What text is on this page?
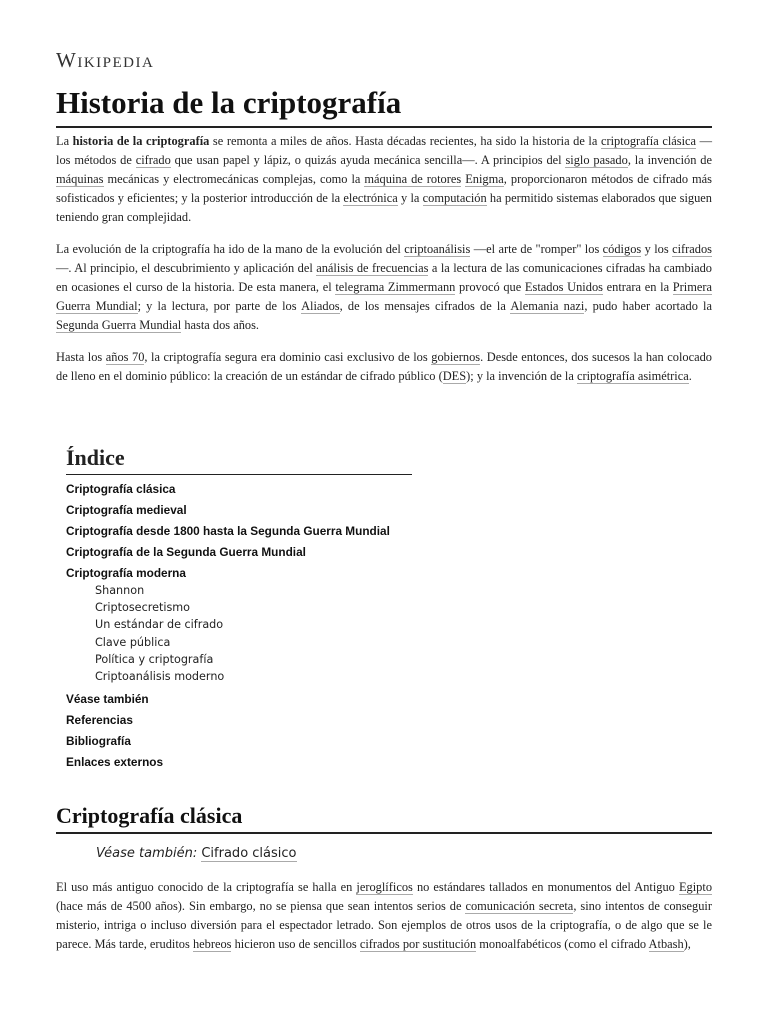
Wikipedia
Historia de la criptografía

La historia de la criptografía se remonta a miles de años. Hasta décadas recientes, ha sido la historia de la criptografía clásica —los métodos de cifrado que usan papel y lápiz, o quizás ayuda mecánica sencilla—. A principios del siglo pasado, la invención de máquinas mecánicas y electromecánicas complejas, como la máquina de rotores Enigma, proporcionaron métodos de cifrado más sofisticados y eficientes; y la posterior introducción de la electrónica y la computación ha permitido sistemas elaborados que siguen teniendo gran complejidad.

La evolución de la criptografía ha ido de la mano de la evolución del criptoanálisis —el arte de "romper" los códigos y los cifrados—. Al principio, el descubrimiento y aplicación del análisis de frecuencias a la lectura de las comunicaciones cifradas ha cambiado en ocasiones el curso de la historia. De esta manera, el telegrama Zimmermann provocó que Estados Unidos entrara en la Primera Guerra Mundial; y la lectura, por parte de los Aliados, de los mensajes cifrados de la Alemania nazi, pudo haber acortado la Segunda Guerra Mundial hasta dos años.

Hasta los años 70, la criptografía segura era dominio casi exclusivo de los gobiernos. Desde entonces, dos sucesos la han colocado de lleno en el dominio público: la creación de un estándar de cifrado público (DES); y la invención de la criptografía asimétrica.

Índice
Criptografía clásica
Criptografía medieval
Criptografía desde 1800 hasta la Segunda Guerra Mundial
Criptografía de la Segunda Guerra Mundial
Criptografía moderna
Shannon
Criptosecretismo
Un estándar de cifrado
Clave pública
Política y criptografía
Criptoanálisis moderno
Véase también
Referencias
Bibliografía
Enlaces externos
Criptografía clásica
Véase también: Cifrado clásico

El uso más antiguo conocido de la criptografía se halla en jeroglíficos no estándares tallados en monumentos del Antiguo Egipto (hace más de 4500 años). Sin embargo, no se piensa que sean intentos serios de comunicación secreta, sino intentos de conseguir misterio, intriga o incluso diversión para el espectador letrado. Son ejemplos de otros usos de la criptografía, o de algo que se le parece. Más tarde, eruditos hebreos hicieron uso de sencillos cifrados por sustitución monoalfabéticos (como el cifrado Atbash),
